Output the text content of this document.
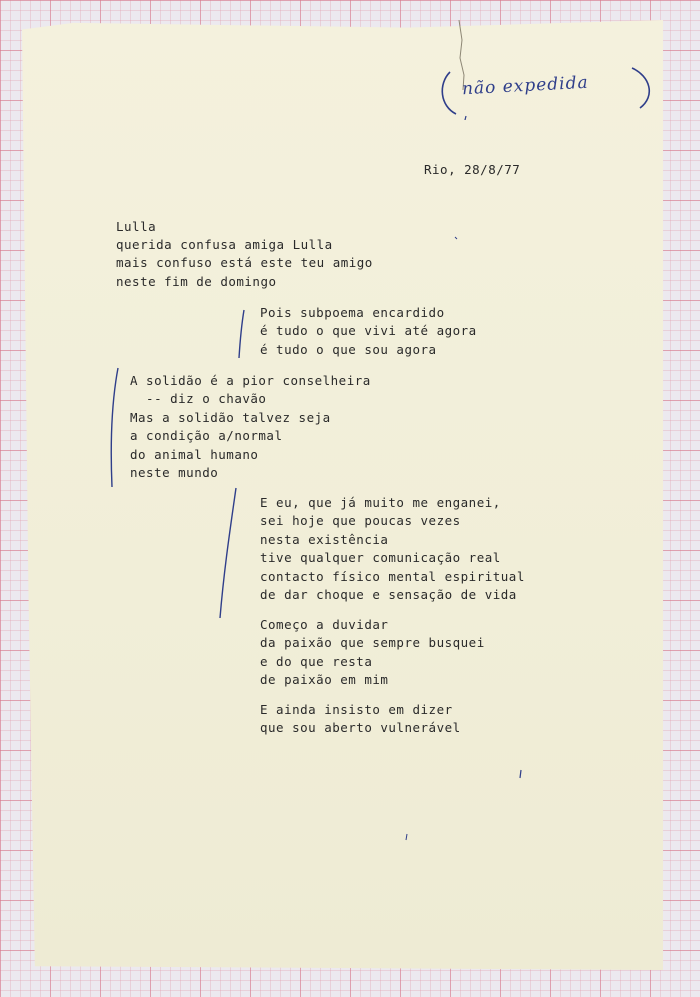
não expedida
Rio, 28/8/77
Lulla
querida confusa amiga Lulla
mais confuso está este teu amigo
neste fim de domingo
Pois subpoema encardido
é tudo o que vivi até agora
é tudo o que sou agora
A solidão é a pior conselheira
-- diz o chavão
Mas a solidão talvez seja
a condição a/normal
do animal humano
neste mundo
E eu, que já muito me enganei,
sei hoje que poucas vezes
nesta existência
tive qualquer comunicação real
contacto físico mental espiritual
de dar choque e sensação de vida
Começo a duvidar
da paixão que sempre busquei
e do que resta
de paixão em mim
E ainda insisto em dizer
que sou aberto vulnerável
